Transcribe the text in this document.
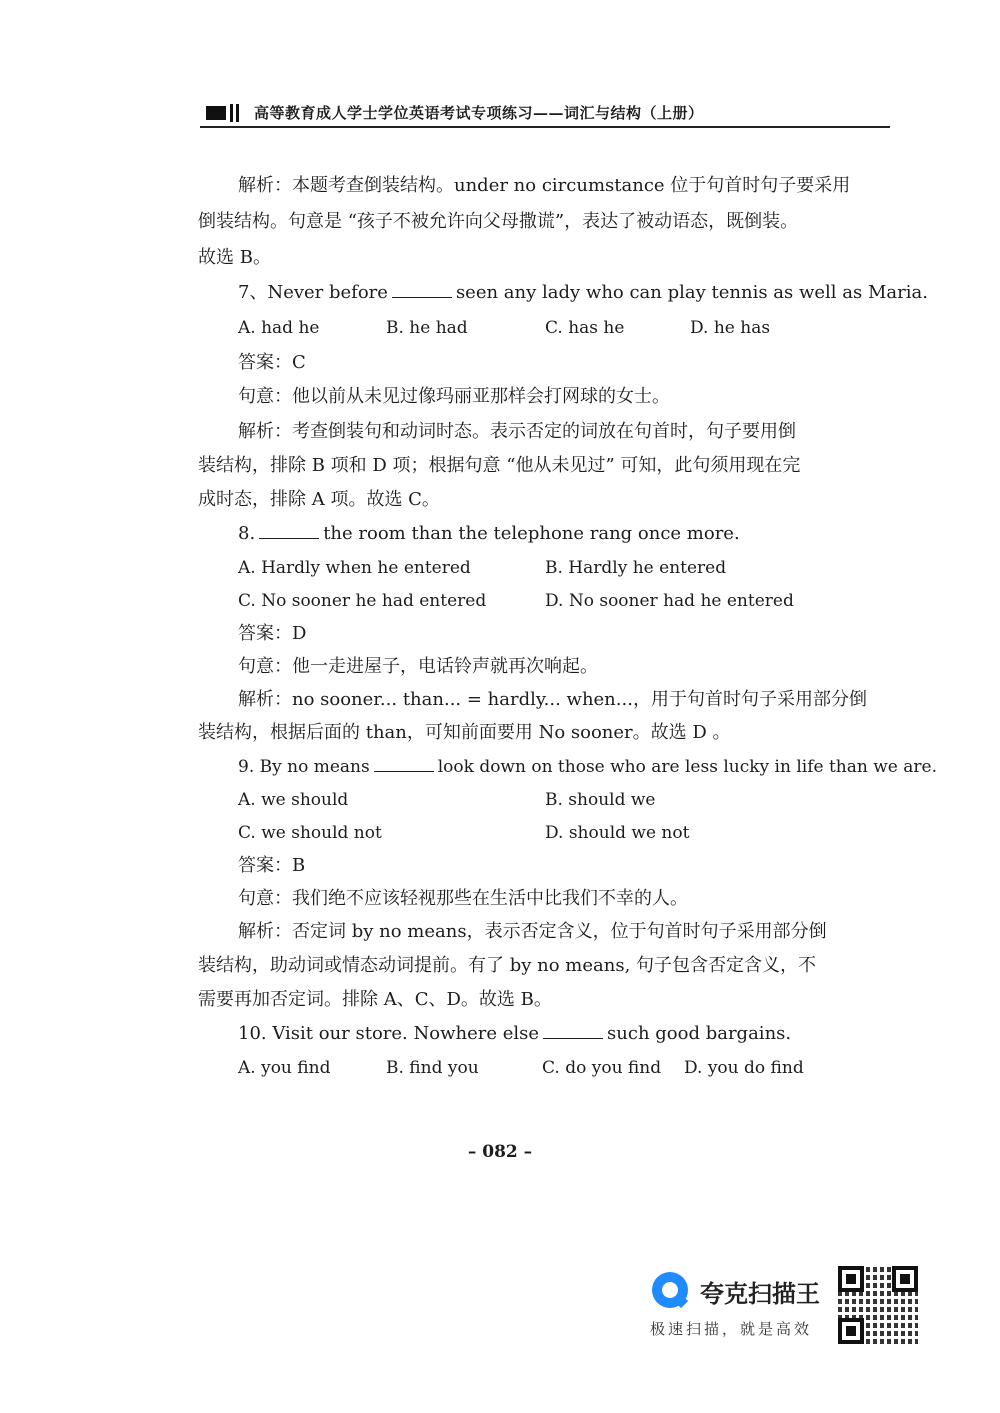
高等教育成人学士学位英语考试专项练习——词汇与结构（上册）
解析：本题考查倒装结构。under no circumstance 位于句首时句子要采用
倒装结构。句意是 “孩子不被允许向父母撒谎”，表达了被动语态，既倒装。
故选 B。
7、Never before	seen any lady who can play tennis as well as Maria.
A. had he	B. he had	C. has he	D. he has
答案：C
句意：他以前从未见过像玛丽亚那样会打网球的女士。
解析：考查倒装句和动词时态。表示否定的词放在句首时，句子要用倒
装结构，排除 B 项和 D 项；根据句意 “他从未见过” 可知，此句须用现在完
成时态，排除 A 项。故选 C。
8.	the room than the telephone rang once more.
A. Hardly when he entered	B. Hardly he entered
C. No sooner he had entered	D. No sooner had he entered
答案：D
句意：他一走进屋子，电话铃声就再次响起。
解析：no sooner... than... = hardly... when...，用于句首时句子采用部分倒
装结构，根据后面的 than，可知前面要用 No sooner。故选 D 。
9. By no means	look down on those who are less lucky in life than we are.
A. we should	B. should we
C. we should not	D. should we not
答案：B
句意：我们绝不应该轻视那些在生活中比我们不幸的人。
解析：否定词 by no means，表示否定含义，位于句首时句子采用部分倒
装结构，助动词或情态动词提前。有了 by no means, 句子包含否定含义，不
需要再加否定词。排除 A、C、D。故选 B。
10. Visit our store. Nowhere else	such good bargains.
A. you find	B. find you	C. do you find D. you do find
– 082 –
夸克扫描王
极速扫描，就是高效
